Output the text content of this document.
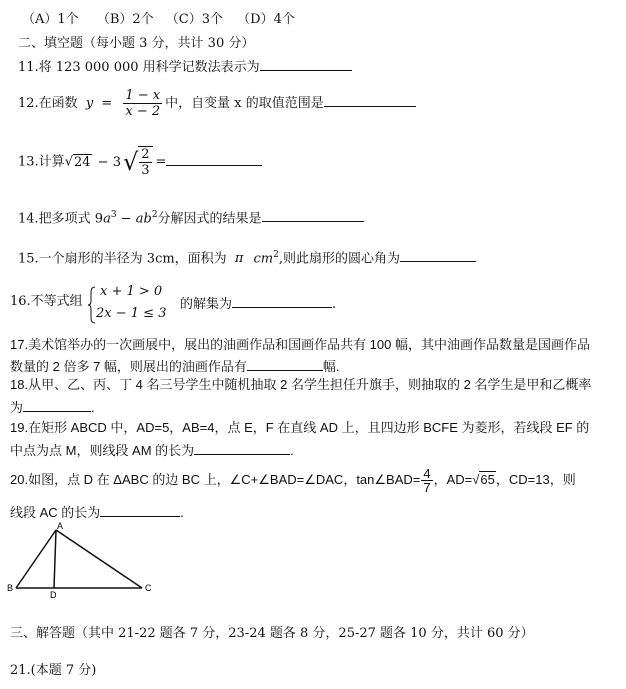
（A）1个 （B）2个 （C）3个 （D）4个
二、填空题（每小题 3 分，共计 30 分）
11.将 123 000 000 用科学记数法表示为
12.在函数 $y = \frac{1 - x}{x - 2}$ 中，自变量 x 的取值范围是
13.计算$√24 - 3√ \frac{2}{3}$ =
14.把多项式 $9a^3 - ab^2$分解因式的结果是
15.一个扇形的半径为 3cm，面积为 π $cm^2$,则此扇形的圆心角为
16.不等式组
x + 1 > 0
2x − 1 ≤ 3
的解集为	.
17.美术馆举办的一次画展中，展出的油画作品和国画作品共有 100 幅，其中油画作品数量是国画作品
数量的 2 倍多 7 幅，则展出的油画作品有	幅.
18.从甲、乙、丙、丁 4 名三号学生中随机抽取 2 名学生担任升旗手，则抽取的 2 名学生是甲和乙概率
为	.
19.在矩形 ABCD 中，AD=5，AB=4，点 E，F 在直线 AD 上，且四边形 BCFE 为菱形，若线段 EF 的
中点为点 M，则线段 AM 的长为	.
20.如图，点 D 在 ΔABC 的边 BC 上，∠C+∠BAD=∠DAC，tan∠BAD= $\frac{4}{7}$ ，AD=√65，CD=13，则
线段 AC 的长为	.
A
B	C
D
三、解答题（其中 21-22 题各 7 分，23-24 题各 8 分，25-27 题各 10 分，共计 60 分）
21.(本题 7 分)
